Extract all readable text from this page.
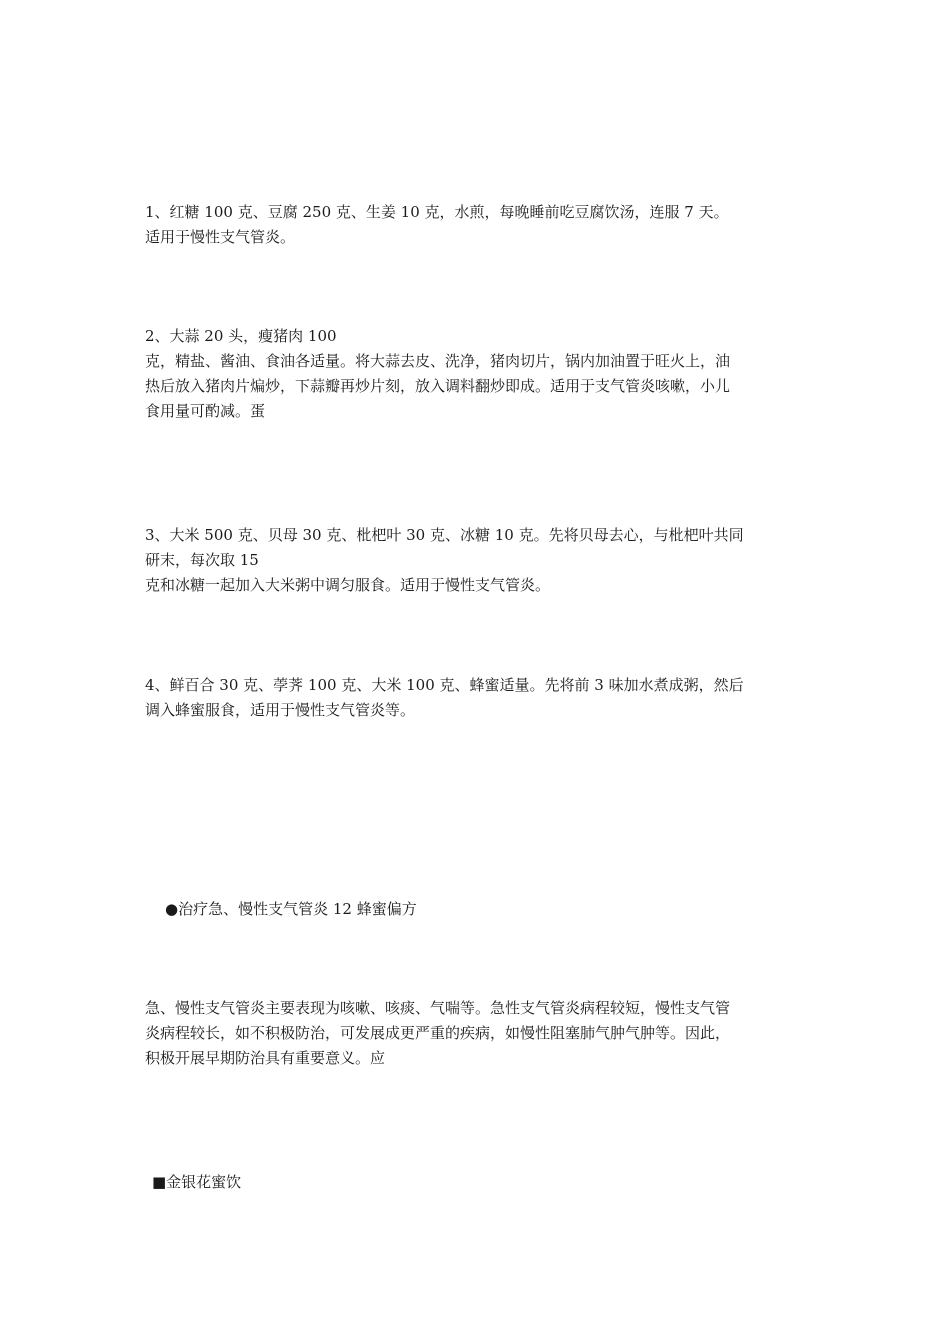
1、红糖 100 克、豆腐 250 克、生姜 10 克，水煎，每晚睡前吃豆腐饮汤，连服 7 天。
适用于慢性支气管炎。

2、大蒜 20 头，瘦猪肉 100
克，精盐、酱油、食油各适量。将大蒜去皮、洗净，猪肉切片，锅内加油置于旺火上，油
热后放入猪肉片煸炒，下蒜瓣再炒片刻，放入调料翻炒即成。适用于支气管炎咳嗽，小儿
食用量可酌减。蛋

3、大米 500 克、贝母 30 克、枇杷叶 30 克、冰糖 10 克。先将贝母去心，与枇杷叶共同
研末，每次取 15
克和冰糖一起加入大米粥中调匀服食。适用于慢性支气管炎。

4、鲜百合 30 克、荸荠 100 克、大米 100 克、蜂蜜适量。先将前 3 味加水煮成粥，然后
调入蜂蜜服食，适用于慢性支气管炎等。

●治疗急、慢性支气管炎 12 蜂蜜偏方

急、慢性支气管炎主要表现为咳嗽、咳痰、气喘等。急性支气管炎病程较短，慢性支气管
炎病程较长，如不积极防治，可发展成更严重的疾病，如慢性阻塞肺气肿气肿等。因此，
积极开展早期防治具有重要意义。应

■金银花蜜饮
